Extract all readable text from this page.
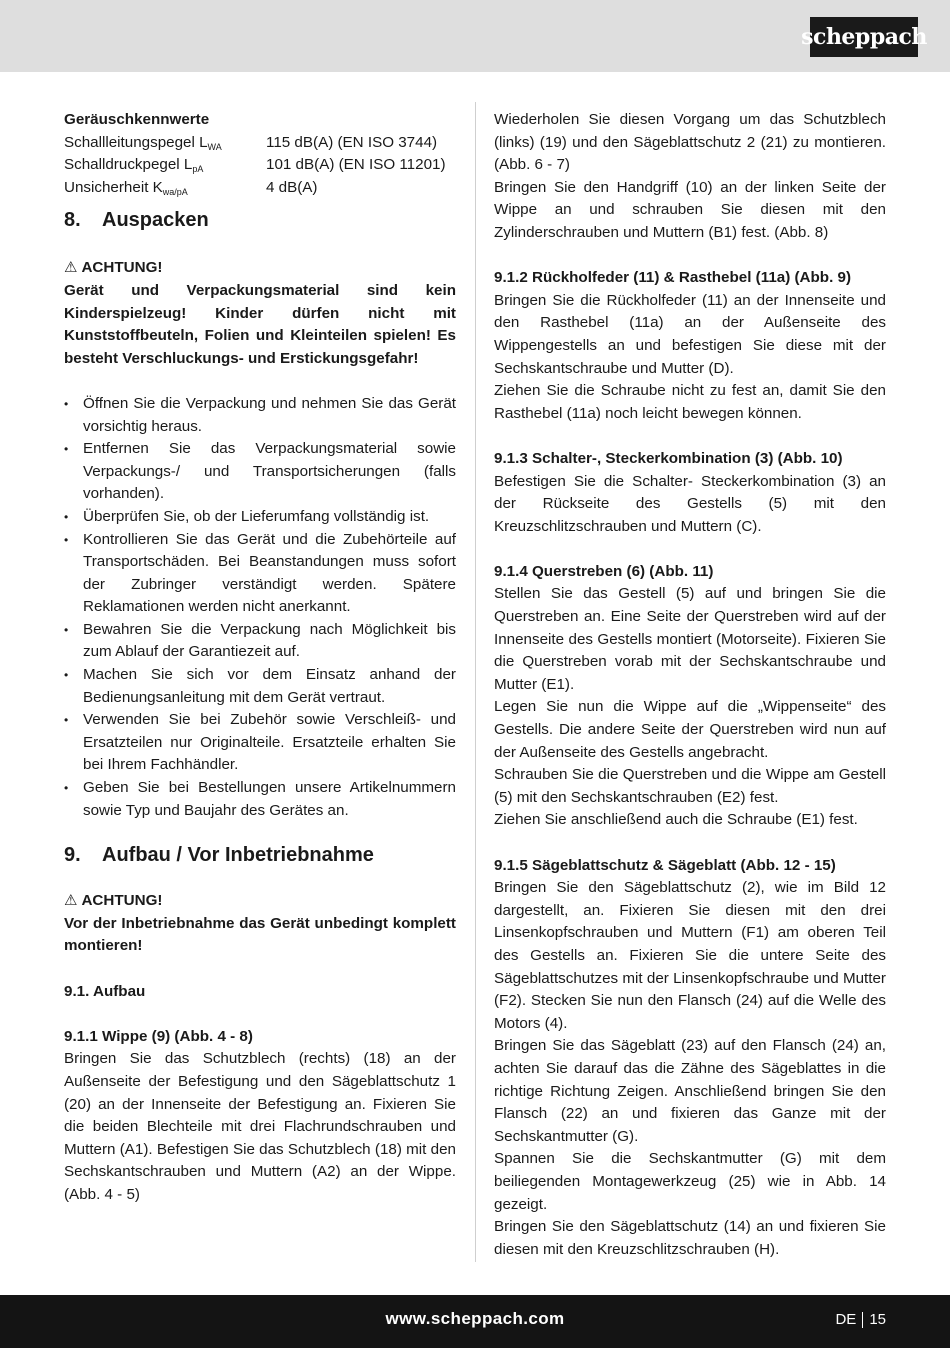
scheppach

Geräuschkennwerte

Schallleitungspegel $L_{WA}$	115 dB(A) (EN ISO 3744)
Schalldruckpegel $L_{pA}$	101 dB(A) (EN ISO 11201)
Unsicherheit $K_{wa/pA}$	4 dB(A)
8.	Auspacken

⚠ ACHTUNG!

Gerät und Verpackungsmaterial sind kein Kinderspielzeug! Kinder dürfen nicht mit Kunststoffbeuteln, Folien und Kleinteilen spielen! Es besteht Verschluckungs- und Erstickungsgefahr!

• Öffnen Sie die Verpackung und nehmen Sie das Gerät vorsichtig heraus.
• Entfernen Sie das Verpackungsmaterial sowie Verpackungs-/ und Transportsicherungen (falls vorhanden).
• Überprüfen Sie, ob der Lieferumfang vollständig ist.
• Kontrollieren Sie das Gerät und die Zubehörteile auf Transportschäden. Bei Beanstandungen muss sofort der Zubringer verständigt werden. Spätere Reklamationen werden nicht anerkannt.
• Bewahren Sie die Verpackung nach Möglichkeit bis zum Ablauf der Garantiezeit auf.
• Machen Sie sich vor dem Einsatz anhand der Bedienungsanleitung mit dem Gerät vertraut.
• Verwenden Sie bei Zubehör sowie Verschleiß- und Ersatzteilen nur Originalteile. Ersatzteile erhalten Sie bei Ihrem Fachhändler.
• Geben Sie bei Bestellungen unsere Artikelnummern sowie Typ und Baujahr des Gerätes an.
9.	Aufbau / Vor Inbetriebnahme

⚠ ACHTUNG!

Vor der Inbetriebnahme das Gerät unbedingt komplett montieren!

9.1. Aufbau

9.1.1 Wippe (9) (Abb. 4 - 8)

Bringen Sie das Schutzblech (rechts) (18) an der Außenseite der Befestigung und den Sägeblattschutz 1 (20) an der Innenseite der Befestigung an. Fixieren Sie die beiden Blechteile mit drei Flachrundschrauben und Muttern (A1). Befestigen Sie das Schutzblech (18) mit den Sechskantschrauben und Muttern (A2) an der Wippe. (Abb. 4 - 5)

Wiederholen Sie diesen Vorgang um das Schutzblech (links) (19) und den Sägeblattschutz 2 (21) zu montieren. (Abb. 6 - 7)

Bringen Sie den Handgriff (10) an der linken Seite der Wippe an und schrauben Sie diesen mit den Zylinderschrauben und Muttern (B1) fest. (Abb. 8)

9.1.2 Rückholfeder (11) & Rasthebel (11a) (Abb. 9)

Bringen Sie die Rückholfeder (11) an der Innenseite und den Rasthebel (11a) an der Außenseite des Wippengestells an und befestigen Sie diese mit der Sechskantschraube und Mutter (D).

Ziehen Sie die Schraube nicht zu fest an, damit Sie den Rasthebel (11a) noch leicht bewegen können.

9.1.3 Schalter-, Steckerkombination (3) (Abb. 10)

Befestigen Sie die Schalter- Steckerkombination (3) an der Rückseite des Gestells (5) mit den Kreuzschlitzschrauben und Muttern (C).

9.1.4 Querstreben (6) (Abb. 11)

Stellen Sie das Gestell (5) auf und bringen Sie die Querstreben an. Eine Seite der Querstreben wird auf der Innenseite des Gestells montiert (Motorseite). Fixieren Sie die Querstreben vorab mit der Sechskantschraube und Mutter (E1).

Legen Sie nun die Wippe auf die „Wippenseite“ des Gestells. Die andere Seite der Querstreben wird nun auf der Außenseite des Gestells angebracht.

Schrauben Sie die Querstreben und die Wippe am Gestell (5) mit den Sechskantschrauben (E2) fest.

Ziehen Sie anschließend auch die Schraube (E1) fest.

9.1.5 Sägeblattschutz & Sägeblatt (Abb. 12 - 15)

Bringen Sie den Sägeblattschutz (2), wie im Bild 12 dargestellt, an. Fixieren Sie diesen mit den drei Linsenkopfschrauben und Muttern (F1) am oberen Teil des Gestells an. Fixieren Sie die untere Seite des Sägeblattschutzes mit der Linsenkopfschraube und Mutter (F2). Stecken Sie nun den Flansch (24) auf die Welle des Motors (4).

Bringen Sie das Sägeblatt (23) auf den Flansch (24) an, achten Sie darauf das die Zähne des Sägeblattes in die richtige Richtung Zeigen. Anschließend bringen Sie den Flansch (22) an und fixieren das Ganze mit der Sechskantmutter (G).

Spannen Sie die Sechskantmutter (G) mit dem beiliegenden Montagewerkzeug (25) wie in Abb. 14 gezeigt.

Bringen Sie den Sägeblattschutz (14) an und fixieren Sie diesen mit den Kreuzschlitzschrauben (H).

www.scheppach.com	DE 15
